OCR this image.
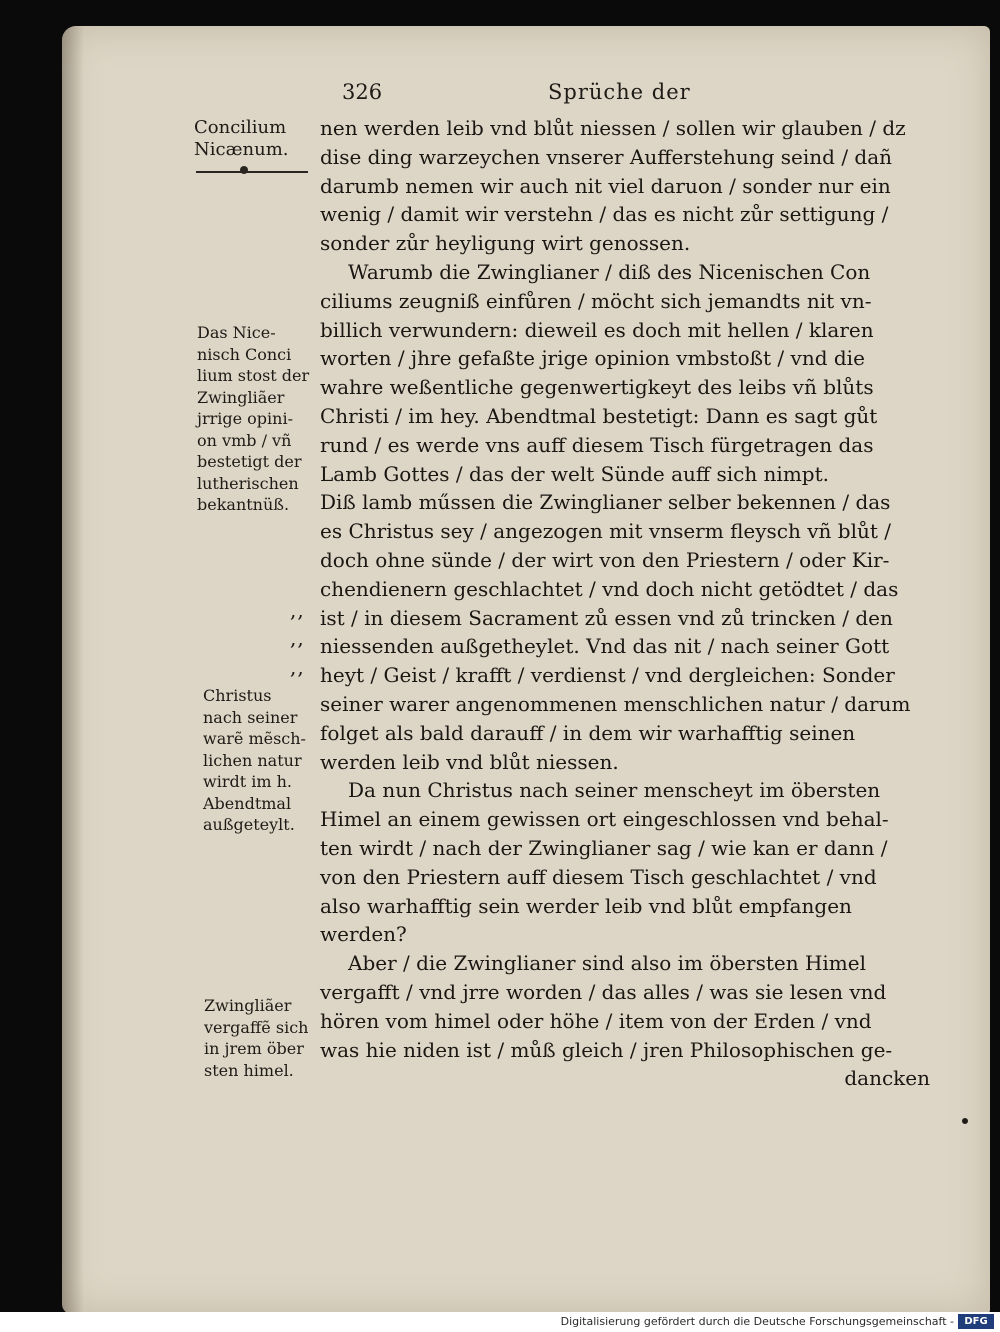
326	Sprüche der
Concilium
Nicænum.
Das Nice-
nisch Conci
lium stost der
Zwingliãer
jrrige opini-
on vmb / vñ
bestetigt der
lutherischen
bekantnüß.
Christus
nach seiner
warẽ mẽsch-
lichen natur
wirdt im h.
Abendtmal
außgeteylt.
Zwingliãer
vergaffẽ sich
in jrem öber
sten himel.
,,
,,
,,
nen werden leib vnd blůt niessen / sollen wir glauben / dz
dise ding warzeychen vnserer Aufferstehung seind / dañ
darumb nemen wir auch nit viel daruon / sonder nur ein
wenig / damit wir verstehn / das es nicht zůr settigung /
sonder zůr heyligung wirt genossen.
Warumb die Zwinglianer / diß des Nicenischen Con
ciliums zeugniß einfůren / möcht sich jemandts nit vn-
billich verwundern: dieweil es doch mit hellen / klaren
worten / jhre gefaßte jrige opinion vmbstoßt / vnd die
wahre weßentliche gegenwertigkeyt des leibs vñ blůts
Christi / im hey. Abendtmal bestetigt: Dann es sagt gůt
rund / es werde vns auff diesem Tisch fürgetragen das
Lamb Gottes / das der welt Sünde auff sich nimpt.
Diß lamb műssen die Zwinglianer selber bekennen / das
es Christus sey / angezogen mit vnserm fleysch vñ blůt /
doch ohne sünde / der wirt von den Priestern / oder Kir-
chendienern geschlachtet / vnd doch nicht getödtet / das
ist / in diesem Sacrament zů essen vnd zů trincken / den
niessenden außgetheylet. Vnd das nit / nach seiner Gott
heyt / Geist / krafft / verdienst / vnd dergleichen: Sonder
seiner warer angenommenen menschlichen natur / darum
folget als bald darauff / in dem wir warhafftig seinen
werden leib vnd blůt niessen.
Da nun Christus nach seiner menscheyt im öbersten
Himel an einem gewissen ort eingeschlossen vnd behal-
ten wirdt / nach der Zwinglianer sag / wie kan er dann /
von den Priestern auff diesem Tisch geschlachtet / vnd
also warhafftig sein werder leib vnd blůt empfangen
werden?
Aber / die Zwinglianer sind also im öbersten Himel
vergafft / vnd jrre worden / das alles / was sie lesen vnd
hören vom himel oder höhe / item von der Erden / vnd
was hie niden ist / můß gleich / jren Philosophischen ge-
dancken
Digitalisierung gefördert durch die Deutsche Forschungsgemeinschaft -	DFG
